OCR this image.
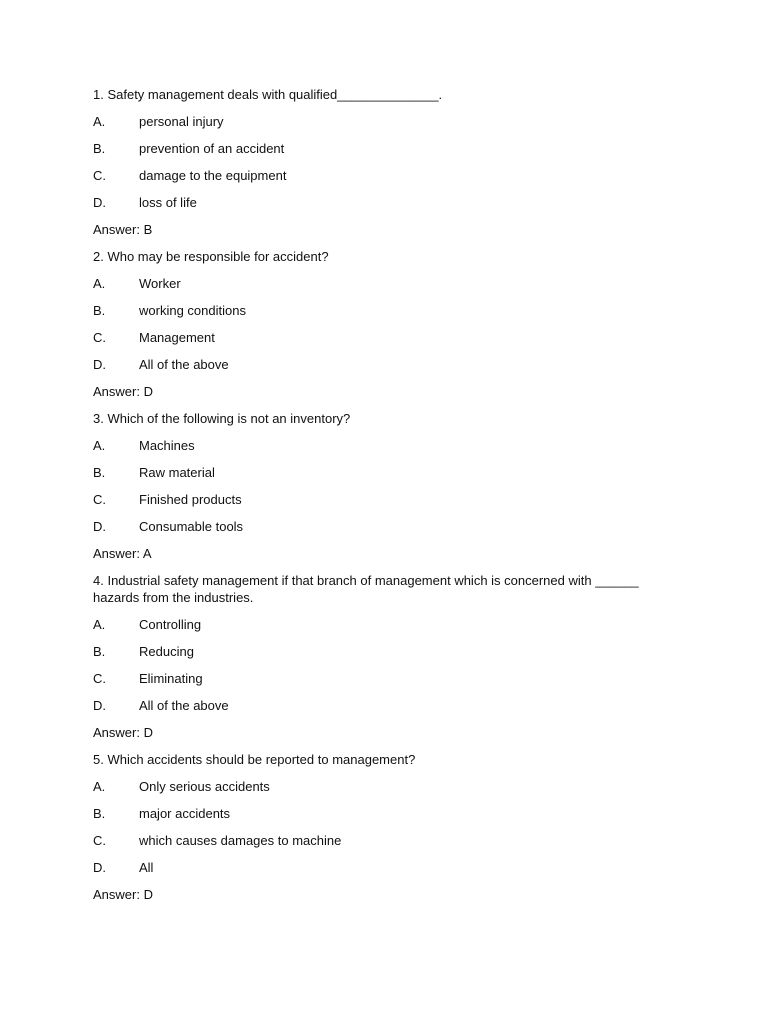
1. Safety management deals with qualified______________.
A.	personal injury
B.	prevention of an accident
C.	damage to the equipment
D.	loss of life
Answer: B
2. Who may be responsible for accident?
A.	Worker
B.	working conditions
C.	Management
D.	All of the above
Answer: D
3. Which of the following is not an inventory?
A.	Machines
B.	Raw material
C.	Finished products
D.	Consumable tools
Answer: A
4. Industrial safety management if that branch of management which is concerned with ______ hazards from the industries.
A.	Controlling
B.	Reducing
C.	Eliminating
D.	All of the above
Answer: D
5. Which accidents should be reported to management?
A.	Only serious accidents
B.	major accidents
C.	which causes damages to machine
D.	All
Answer: D
